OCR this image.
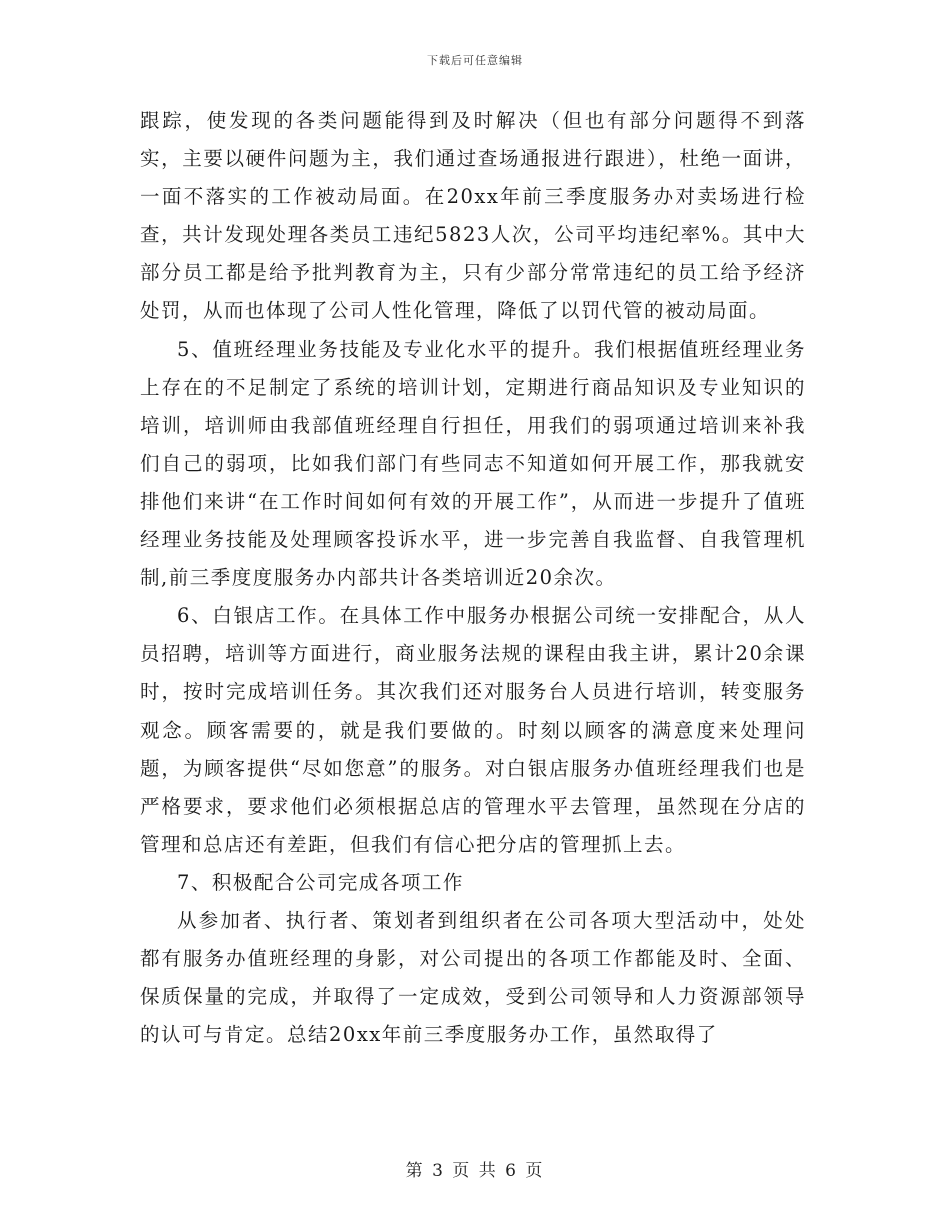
下载后可任意编辑

跟踪，使发现的各类问题能得到及时解决（但也有部分问题得不到落实，主要以硬件问题为主，我们通过查场通报进行跟进），杜绝一面讲，一面不落实的工作被动局面。在20xx年前三季度服务办对卖场进行检查，共计发现处理各类员工违纪5823人次，公司平均违纪率%。其中大部分员工都是给予批判教育为主，只有少部分常常违纪的员工给予经济处罚，从而也体现了公司人性化管理，降低了以罚代管的被动局面。

5、值班经理业务技能及专业化水平的提升。我们根据值班经理业务上存在的不足制定了系统的培训计划，定期进行商品知识及专业知识的培训，培训师由我部值班经理自行担任，用我们的弱项通过培训来补我们自己的弱项，比如我们部门有些同志不知道如何开展工作，那我就安排他们来讲“在工作时间如何有效的开展工作”，从而进一步提升了值班经理业务技能及处理顾客投诉水平，进一步完善自我监督、自我管理机制,前三季度度服务办内部共计各类培训近20余次。

6、白银店工作。在具体工作中服务办根据公司统一安排配合，从人员招聘，培训等方面进行，商业服务法规的课程由我主讲，累计20余课时，按时完成培训任务。其次我们还对服务台人员进行培训，转变服务观念。顾客需要的，就是我们要做的。时刻以顾客的满意度来处理问题，为顾客提供“尽如您意”的服务。对白银店服务办值班经理我们也是严格要求，要求他们必须根据总店的管理水平去管理，虽然现在分店的管理和总店还有差距，但我们有信心把分店的管理抓上去。

7、积极配合公司完成各项工作

从参加者、执行者、策划者到组织者在公司各项大型活动中，处处都有服务办值班经理的身影，对公司提出的各项工作都能及时、全面、保质保量的完成，并取得了一定成效，受到公司领导和人力资源部领导的认可与肯定。总结20xx年前三季度服务办工作，虽然取得了

第 3 页 共 6 页
